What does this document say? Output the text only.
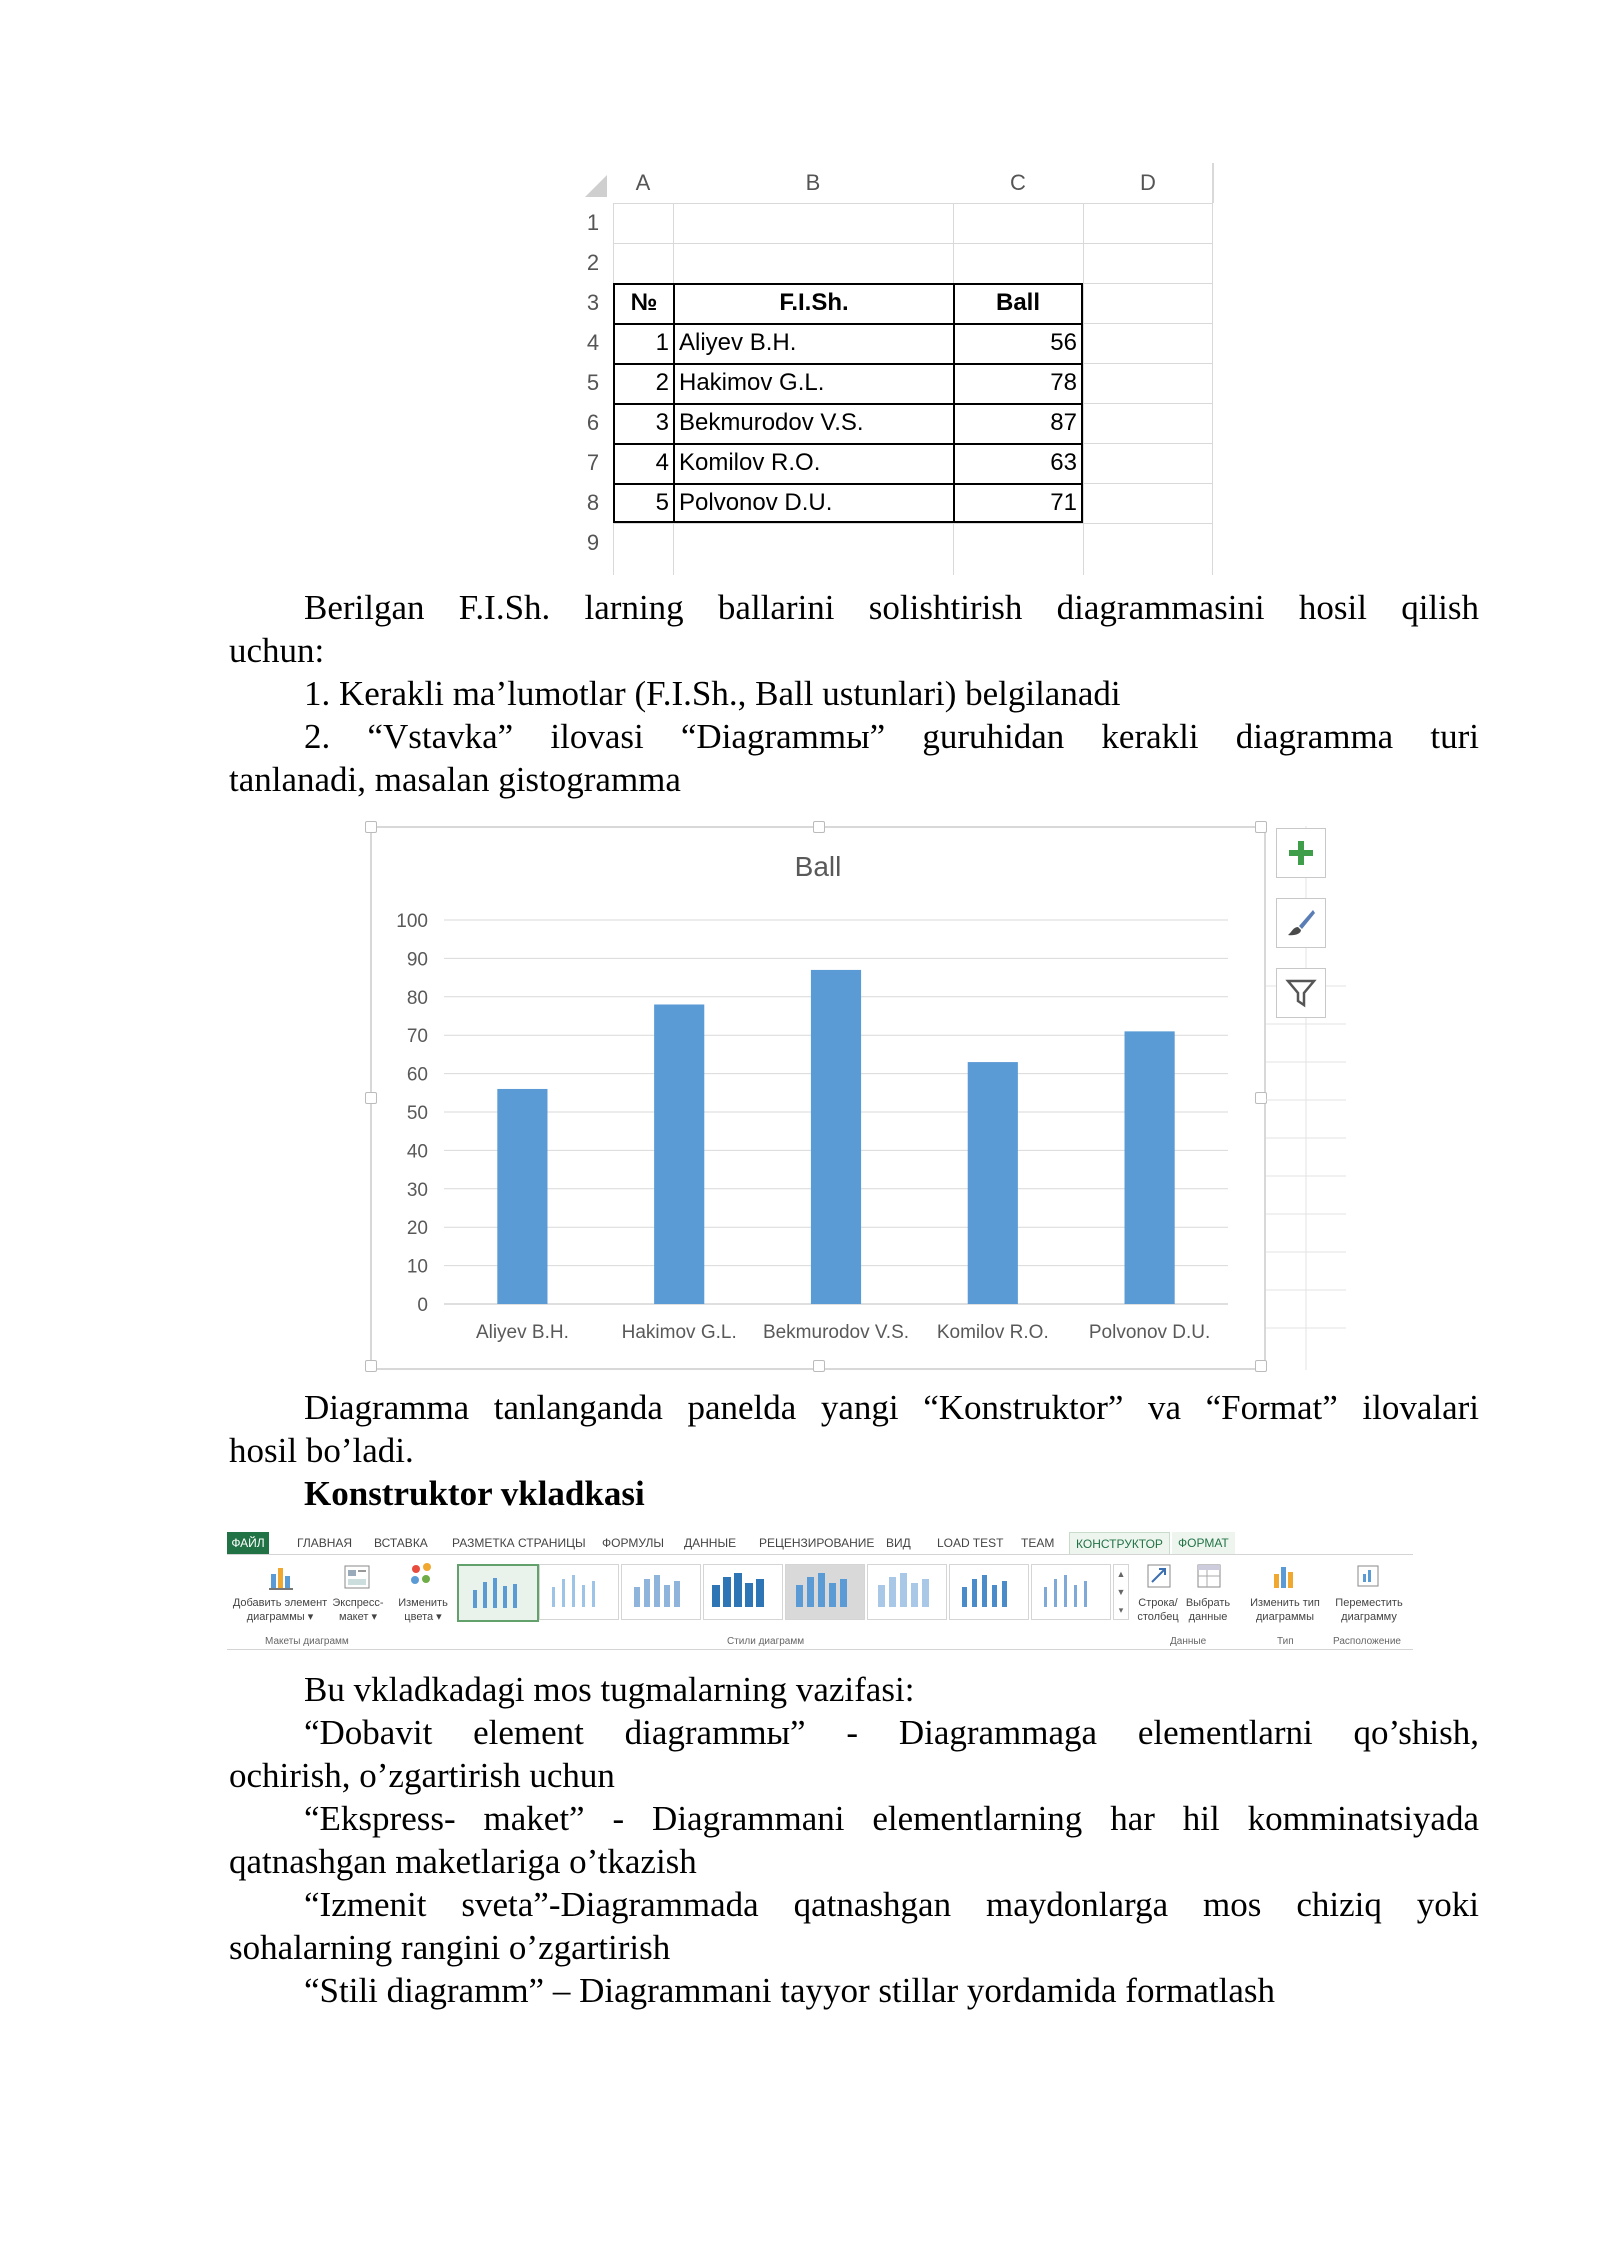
A	B	C	D
1
2
3
4
5
6
7
8
9
№	F.I.Sh.	Ball
1 Aliyev B.H.	56
2 Hakimov G.L.	78
3 Bekmurodov V.S.	87
4 Komilov R.O.	63
5 Polvonov D.U.	71
Berilgan F.I.Sh. larning ballarini solishtirish diagrammasini hosil qilish
uchun:
1. Kerakli ma’lumotlar (F.I.Sh., Ball ustunlari) belgilanadi
2. “Vstavka” ilovasi “Diagrammы” guruhidan kerakli diagramma turi
tanlanadi, masalan gistogramma
Ball
0
10
20
30
40
50
60
70
80
90
100
Aliyev B.H.	Hakimov G.L. Bekmurodov V.S. Komilov R.O. Polvonov D.U.
Diagramma tanlanganda panelda yangi “Konstruktor” va “Format” ilovalari
hosil bo’ladi.
Konstruktor vkladkasi
ФАЙЛ	ГЛАВНАЯ	ВСТАВКА	РАЗМЕТКА СТРАНИЦЫ	ФОРМУЛЫ	ДАННЫЕ	РЕЦЕНЗИРОВАНИЕ ВИД	LOAD TEST	TEAM	КОНСТРУКТОР	ФОРМАТ
Добавить элемент диаграммы ▾
Экспресс-макет ▾
Изменить цвета ▾
Макеты диаграмм
▲
▼
▾
Стили диаграмм
Строка/ столбец
Выбрать данные
Данные
Изменить тип диаграммы
Тип
Переместить диаграмму
Расположение
Bu vkladkadagi mos tugmalarning vazifasi:
“Dobavit element diagrammы” - Diagrammaga elementlarni qo’shish,
ochirish, o’zgartirish uchun
“Ekspress- maket” - Diagrammani elementlarning har hil komminatsiyada
qatnashgan maketlariga o’tkazish
“Izmenit sveta”-Diagrammada qatnashgan maydonlarga mos chiziq yoki
sohalarning rangini o’zgartirish
“Stili diagramm” – Diagrammani tayyor stillar yordamida formatlash
